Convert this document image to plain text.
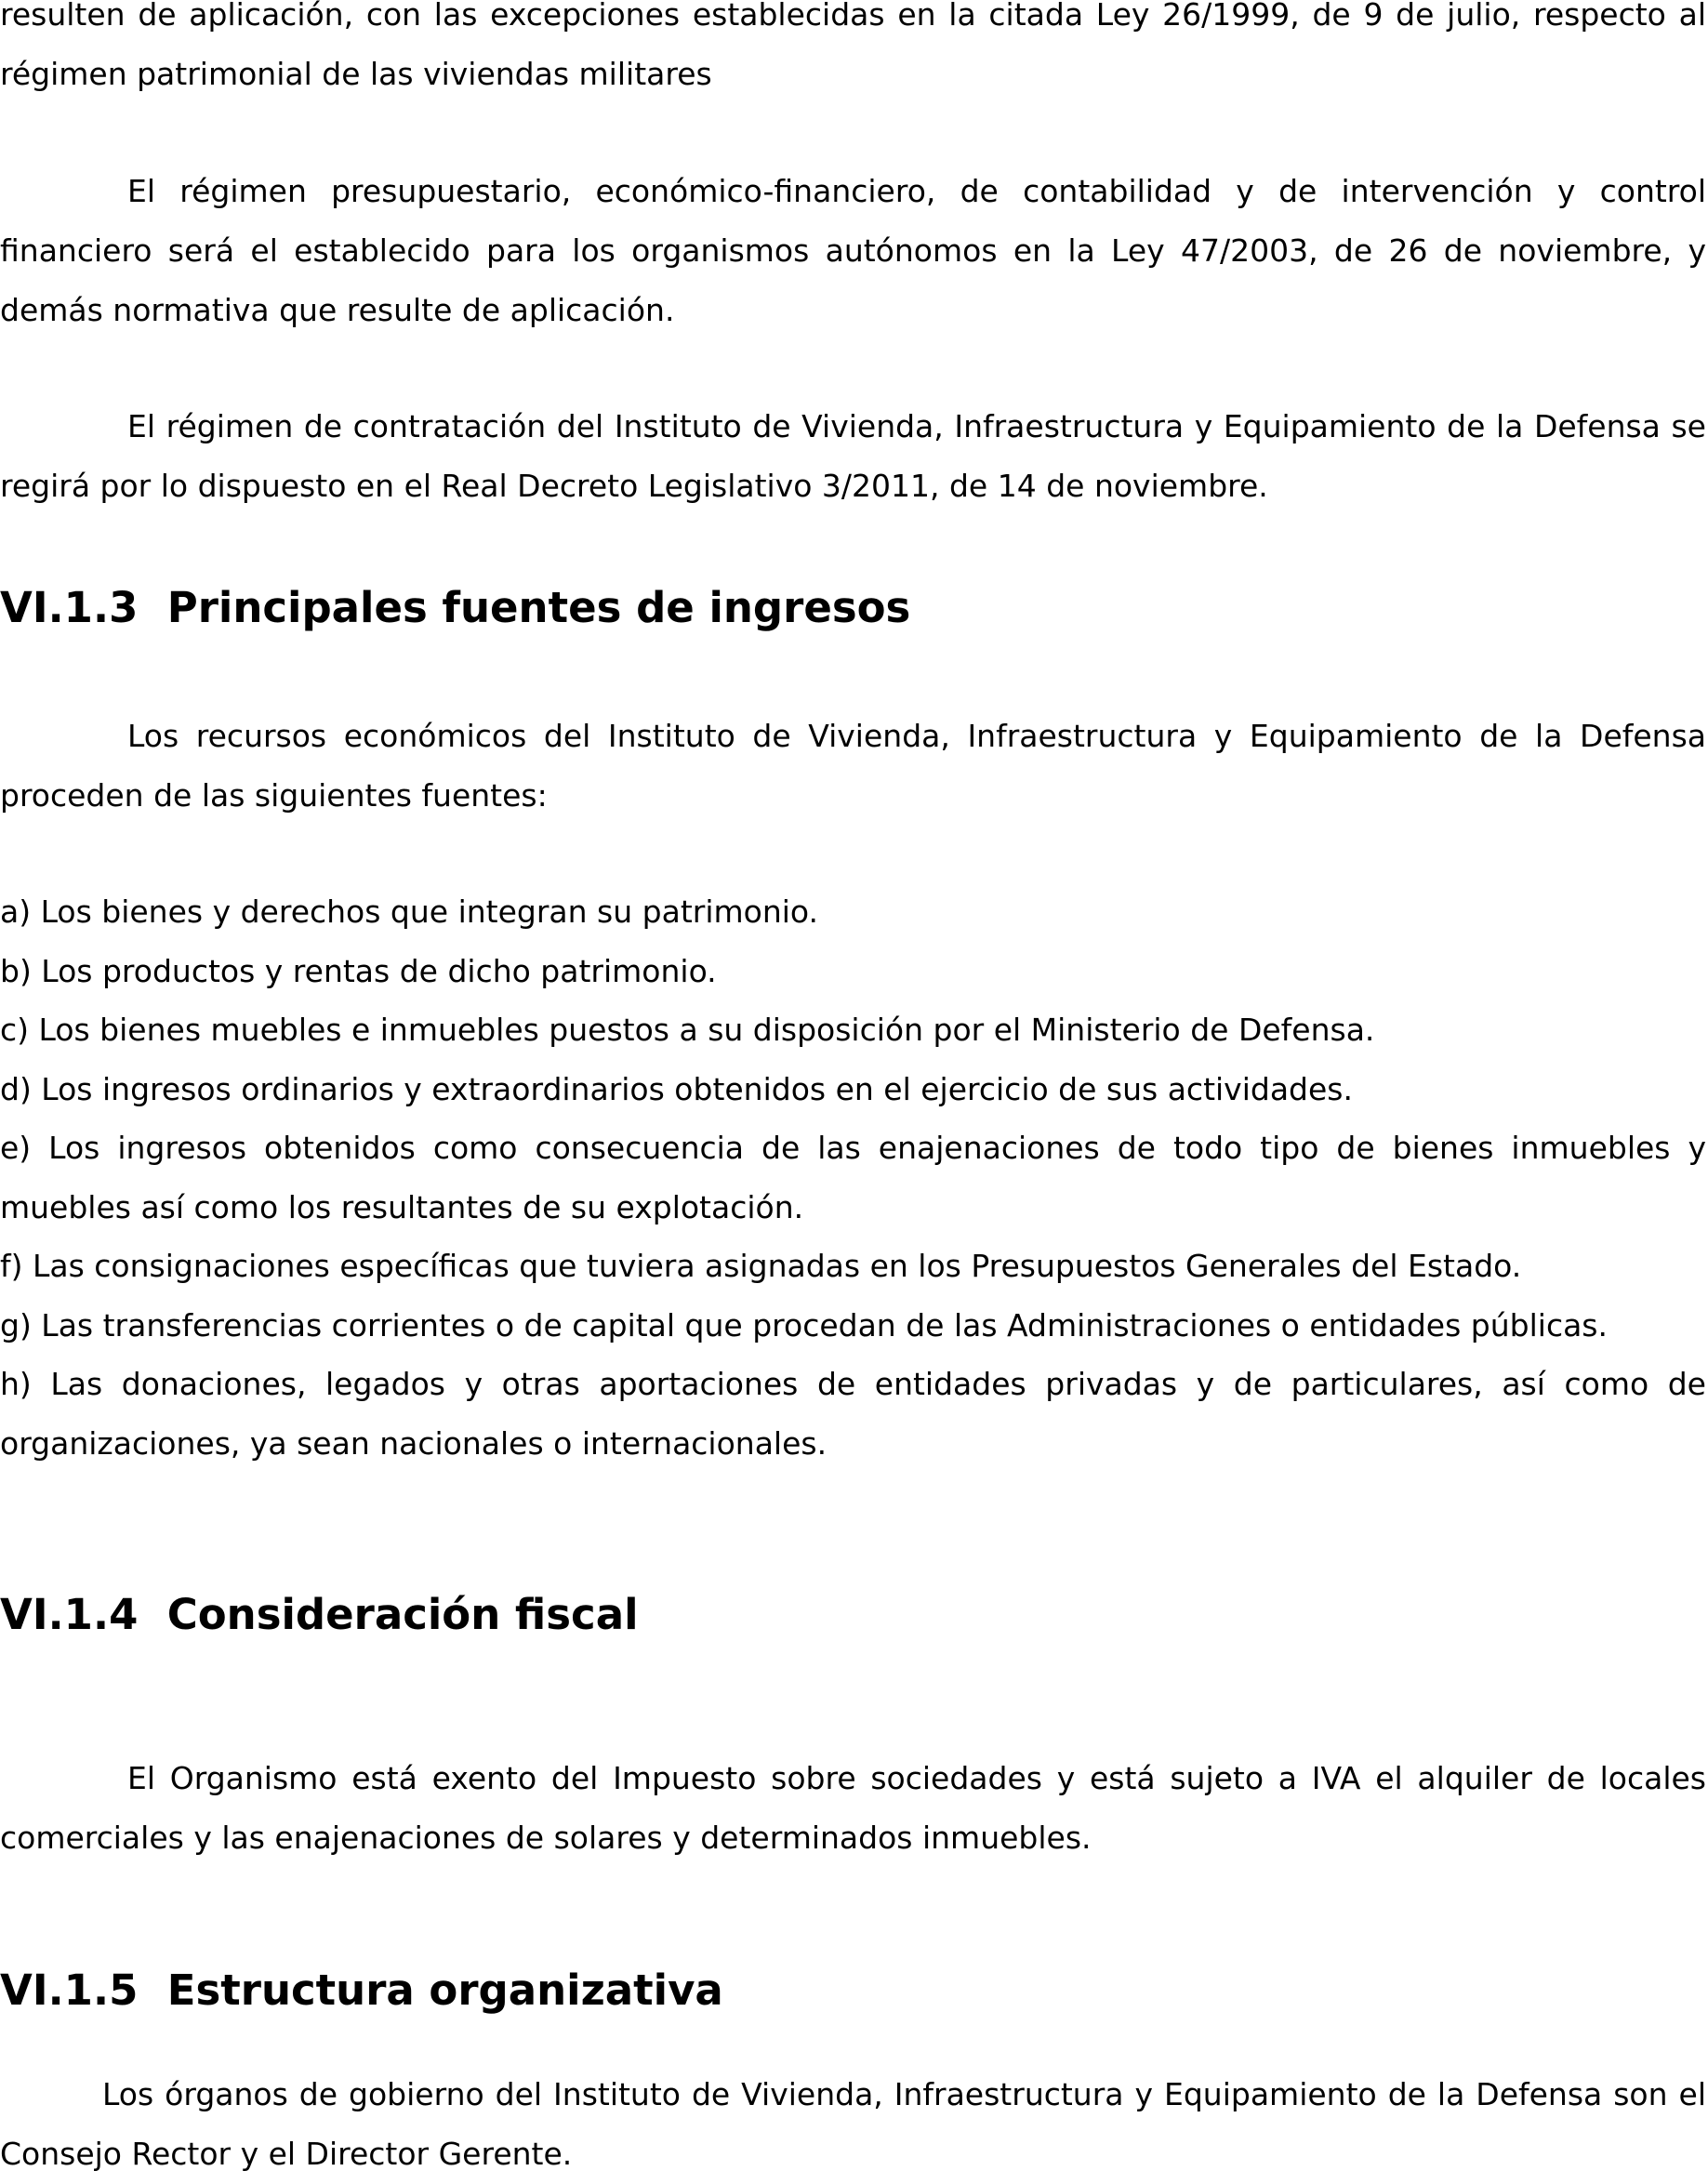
resulten de aplicación, con las excepciones establecidas en la citada Ley 26/1999, de 9 de julio, respecto al régimen patrimonial de las viviendas militares

El régimen presupuestario, económico-financiero, de contabilidad y de intervención y control financiero será el establecido para los organismos autónomos en la Ley 47/2003, de 26 de noviembre, y demás normativa que resulte de aplicación.

El régimen de contratación del Instituto de Vivienda, Infraestructura y Equipamiento de la Defensa se regirá por lo dispuesto en el Real Decreto Legislativo 3/2011, de 14 de noviembre.

VI.1.3  Principales fuentes de ingresos

Los recursos económicos del Instituto de Vivienda, Infraestructura y Equipamiento de la Defensa proceden de las siguientes fuentes:

a) Los bienes y derechos que integran su patrimonio.
b) Los productos y rentas de dicho patrimonio.
c) Los bienes muebles e inmuebles puestos a su disposición por el Ministerio de Defensa.
d) Los ingresos ordinarios y extraordinarios obtenidos en el ejercicio de sus actividades.
e) Los ingresos obtenidos como consecuencia de las enajenaciones de todo tipo de bienes inmuebles y muebles así como los resultantes de su explotación.
f) Las consignaciones específicas que tuviera asignadas en los Presupuestos Generales del Estado.
g) Las transferencias corrientes o de capital que procedan de las Administraciones o entidades públicas.
h) Las donaciones, legados y otras aportaciones de entidades privadas y de particulares, así como de organizaciones, ya sean nacionales o internacionales.
VI.1.4  Consideración fiscal

El Organismo está exento del Impuesto sobre sociedades y está sujeto a IVA el alquiler de locales comerciales y las enajenaciones de solares y determinados inmuebles.

VI.1.5  Estructura organizativa

Los órganos de gobierno del Instituto de Vivienda, Infraestructura y Equipamiento de la Defensa son el Consejo Rector y el Director Gerente.
